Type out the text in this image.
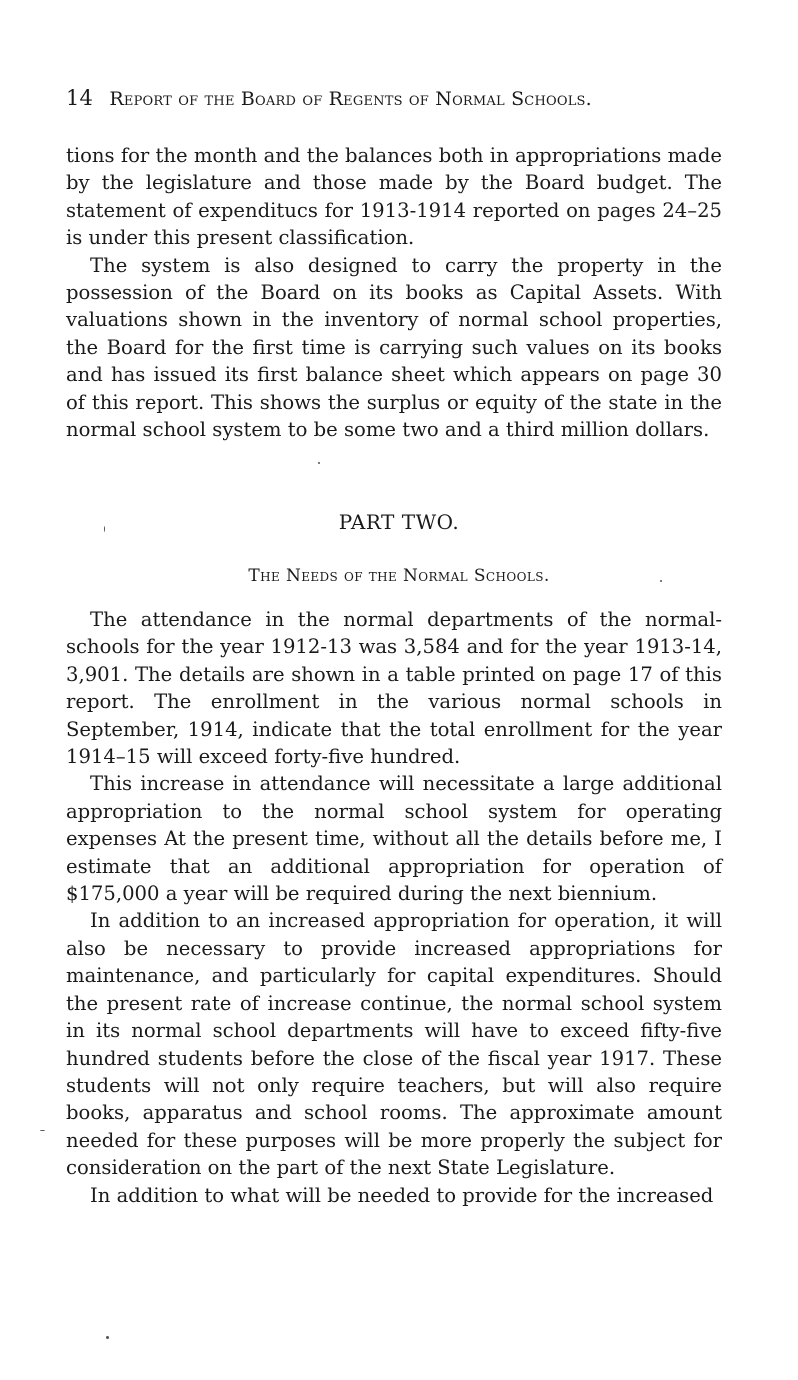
14 Report of the Board of Regents of Normal Schools.

tions for the month and the balances both in appropriations made by the legislature and those made by the Board budget. The statement of expenditucs for 1913-1914 reported on pages 24–25 is under this present classification.

The system is also designed to carry the property in the possession of the Board on its books as Capital Assets. With valuations shown in the inventory of normal school properties, the Board for the first time is carrying such values on its books and has issued its first balance sheet which appears on page 30 of this report. This shows the surplus or equity of the state in the normal school system to be some two and a third million dollars.

PART TWO.
The Needs of the Normal Schools.

The attendance in the normal departments of the normal-schools for the year 1912-13 was 3,584 and for the year 1913-14, 3,901. The details are shown in a table printed on page 17 of this report. The enrollment in the various normal schools in September, 1914, indicate that the total enrollment for the year 1914–15 will exceed forty-five hundred.

This increase in attendance will necessitate a large additional appropriation to the normal school system for operating expenses At the present time, without all the details before me, I estimate that an additional appropriation for operation of $175,000 a year will be required during the next biennium.

In addition to an increased appropriation for operation, it will also be necessary to provide increased appropriations for maintenance, and particularly for capital expenditures. Should the present rate of increase continue, the normal school system in its normal school departments will have to exceed fifty-five hundred students before the close of the fiscal year 1917. These students will not only require teachers, but will also require books, apparatus and school rooms. The approximate amount needed for these purposes will be more properly the subject for consideration on the part of the next State Legislature.

In addition to what will be needed to provide for the increased
